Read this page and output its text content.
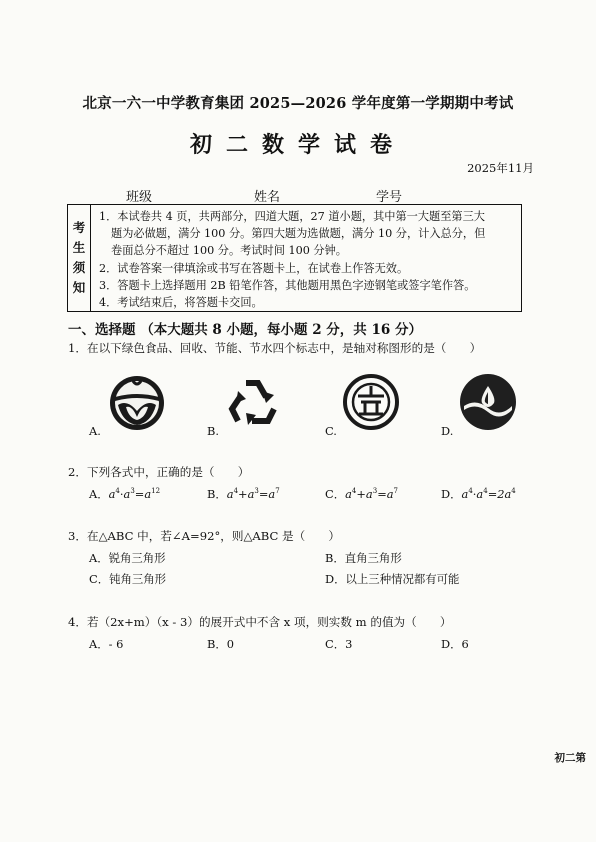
北京一六一中学教育集团 2025—2026 学年度第一学期期中考试
初二数学试卷
2025年11月
班级	姓名	学号
考
生
须
知
1．本试卷共 4 页，共两部分，四道大题，27 道小题，其中第一大题至第三大
题为必做题，满分 100 分。第四大题为选做题，满分 10 分，计入总分，但
卷面总分不超过 100 分。考试时间 100 分钟。
2．试卷答案一律填涂或书写在答题卡上，在试卷上作答无效。
3．答题卡上选择题用 2B 铅笔作答，其他题用黑色字迹钢笔或签字笔作答。
4．考试结束后，将答题卡交回。
一、选择题 （本大题共 8 小题，每小题 2 分，共 16 分）
1．在以下绿色食品、回收、节能、节水四个标志中，是轴对称图形的是（　　）
A.	B.	C.	D.
2．下列各式中，正确的是（　　）
A．$a^4\cdot a^3=a^{12}$	B．$a^4+a^3=a^7$	C．$a^4+a^3=a^7$	D．$a^4\cdot a^4=2a^4$
3．在△ABC 中，若∠A=92°，则△ABC 是（　　）
A．锐角三角形	B．直角三角形
C．钝角三角形	D．以上三种情况都有可能
4．若（2x+m）（x - 3）的展开式中不含 x 项，则实数 m 的值为（　　）
A．- 6	B．0	C．3	D．6
初二第
